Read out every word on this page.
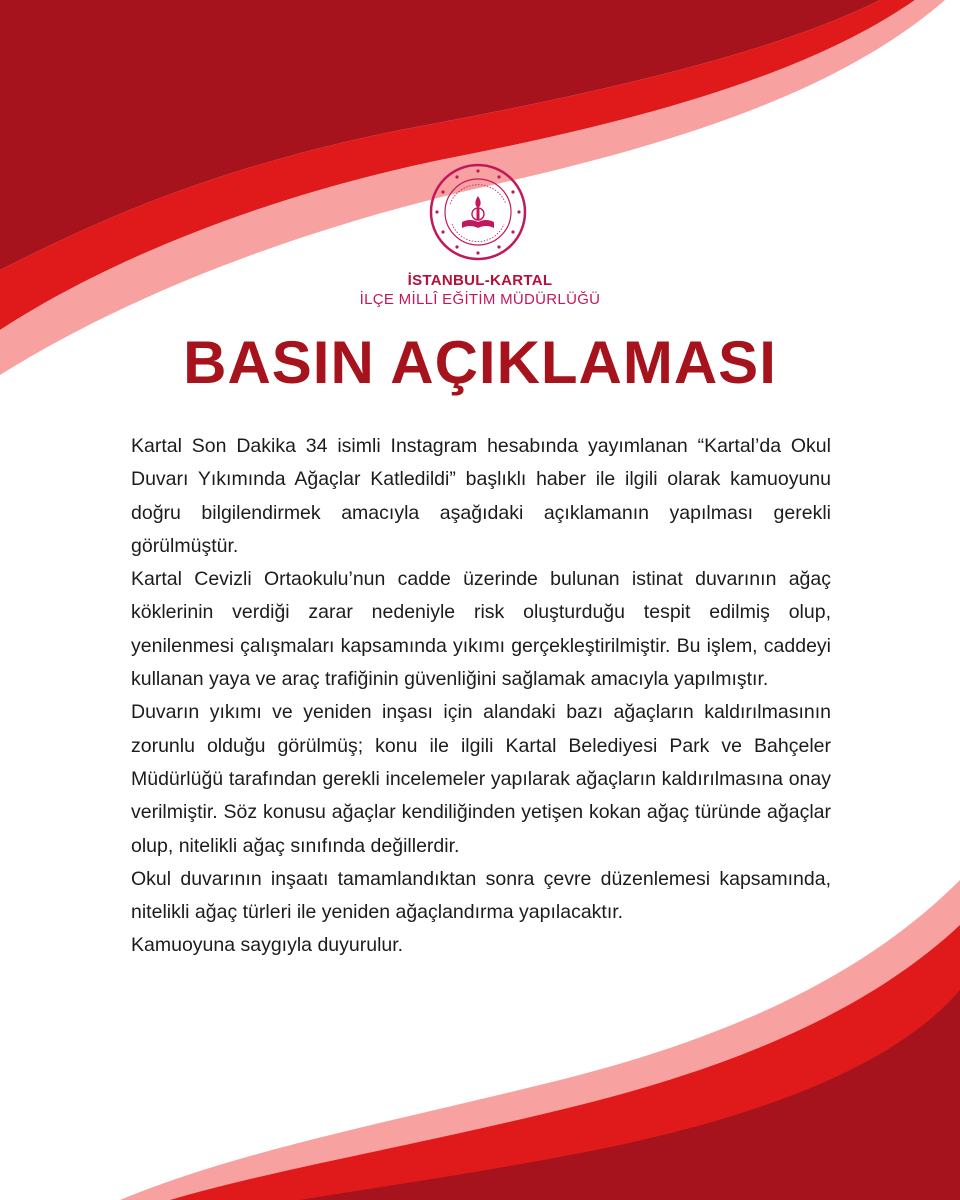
İSTANBUL-KARTAL
İLÇE MİLLÎ EĞİTİM MÜDÜRLÜĞÜ
BASIN AÇIKLAMASI

Kartal Son Dakika 34 isimli Instagram hesabında yayımlanan “Kartal’da Okul Duvarı Yıkımında Ağaçlar Katledildi” başlıklı haber ile ilgili olarak kamuoyunu doğru bilgilendirmek amacıyla aşağıdaki açıklamanın yapılması gerekli görülmüştür.

Kartal Cevizli Ortaokulu’nun cadde üzerinde bulunan istinat duvarının ağaç köklerinin verdiği zarar nedeniyle risk oluşturduğu tespit edilmiş olup, yenilenmesi çalışmaları kapsamında yıkımı gerçekleştirilmiştir. Bu işlem, caddeyi kullanan yaya ve araç trafiğinin güvenliğini sağlamak amacıyla yapılmıştır.

Duvarın yıkımı ve yeniden inşası için alandaki bazı ağaçların kaldırılmasının zorunlu olduğu görülmüş; konu ile ilgili Kartal Belediyesi Park ve Bahçeler Müdürlüğü tarafından gerekli incelemeler yapılarak ağaçların kaldırılmasına onay verilmiştir. Söz konusu ağaçlar kendiliğinden yetişen kokan ağaç türünde ağaçlar olup, nitelikli ağaç sınıfında değillerdir.

Okul duvarının inşaatı tamamlandıktan sonra çevre düzenlemesi kapsamında, nitelikli ağaç türleri ile yeniden ağaçlandırma yapılacaktır.

Kamuoyuna saygıyla duyurulur.
